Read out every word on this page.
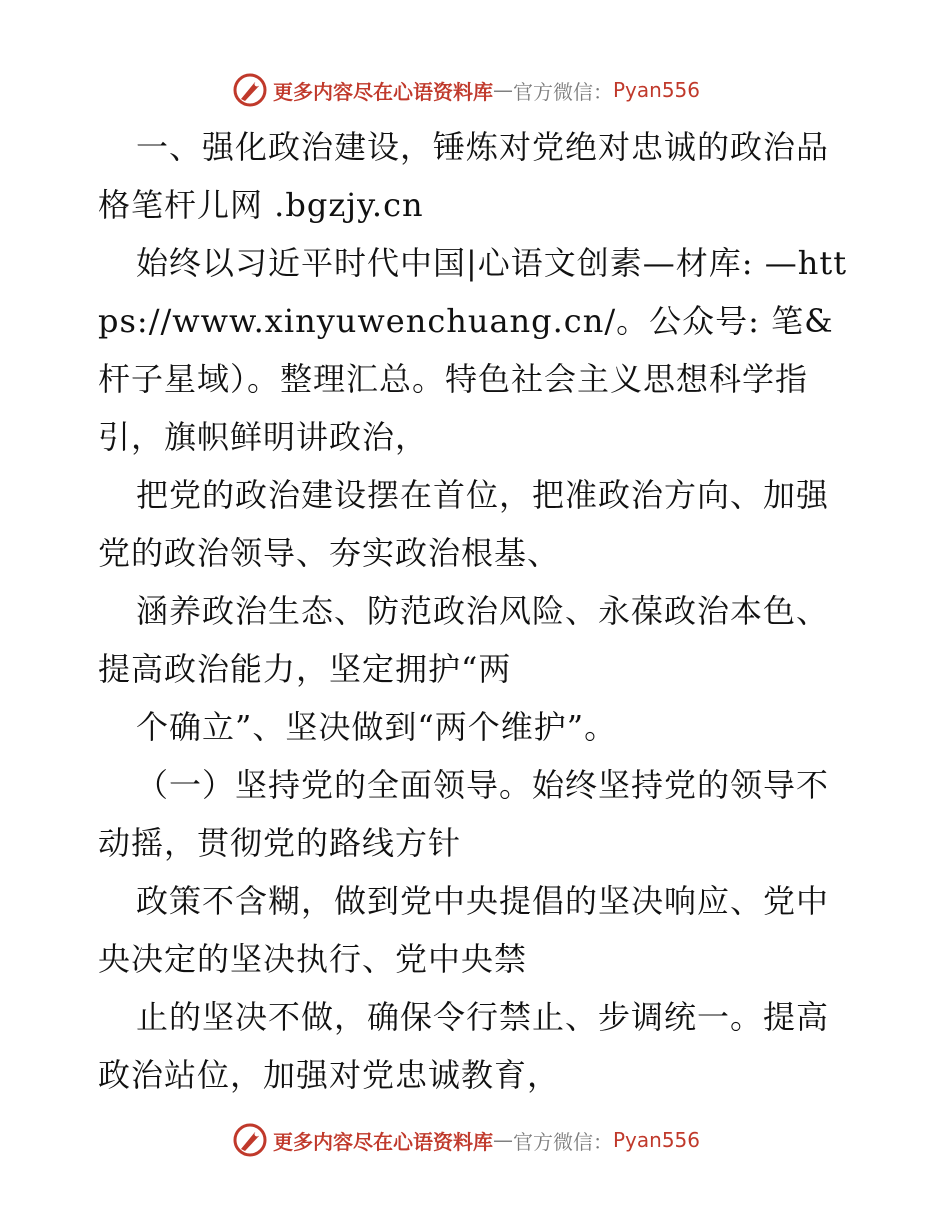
更多内容尽在心语资料库 — 官方微信： Pyan556

一、强化政治建设，锤炼对党绝对忠诚的政治品格笔杆儿网 .bgzjy.cn

始终以习近平时代中国|心语文创素—材库: —https://www.xinyuwenchuang.cn/。公众号: 笔&杆子星域）。整理汇总。特色社会主义思想科学指引，旗帜鲜明讲政治，

把党的政治建设摆在首位，把准政治方向、加强党的政治领导、夯实政治根基、

涵养政治生态、防范政治风险、永葆政治本色、提高政治能力，坚定拥护“两

个确立”、坚决做到“两个维护”。

（一）坚持党的全面领导。始终坚持党的领导不动摇，贯彻党的路线方针

政策不含糊，做到党中央提倡的坚决响应、党中央决定的坚决执行、党中央禁

止的坚决不做，确保令行禁止、步调统一。提高政治站位，加强对党忠诚教育，

更多内容尽在心语资料库 — 官方微信： Pyan556
